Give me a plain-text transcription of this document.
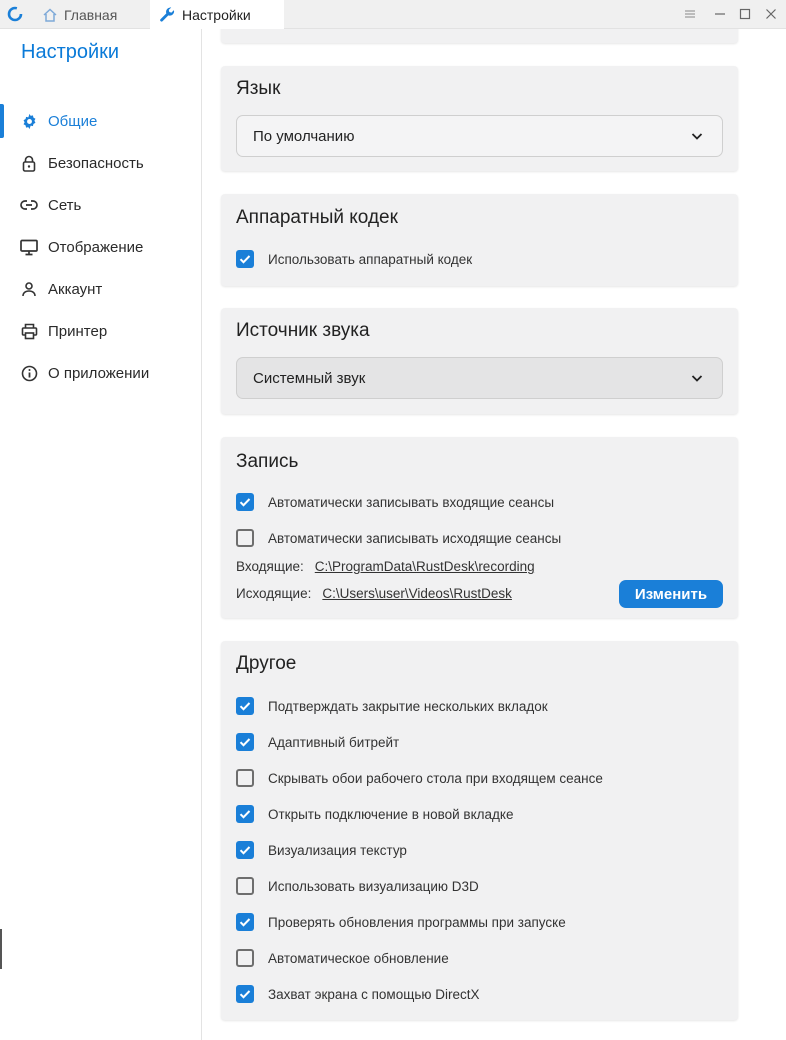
Главная	Настройки
Настройки
Общие
Безопасность
Сеть
Отображение
Аккаунт
Принтер
О приложении
Язык
По умолчанию
Аппаратный кодек
Использовать аппаратный кодек
Источник звука
Системный звук
Запись
Автоматически записывать входящие сеансы
Автоматически записывать исходящие сеансы
Входящие: C:\ProgramData\RustDesk\recording
Исходящие: C:\Users\user\Videos\RustDesk	Изменить
Другое
Подтверждать закрытие нескольких вкладок
Адаптивный битрейт
Скрывать обои рабочего стола при входящем сеансе
Открыть подключение в новой вкладке
Визуализация текстур
Использовать визуализацию D3D
Проверять обновления программы при запуске
Автоматическое обновление
Захват экрана с помощью DirectX
